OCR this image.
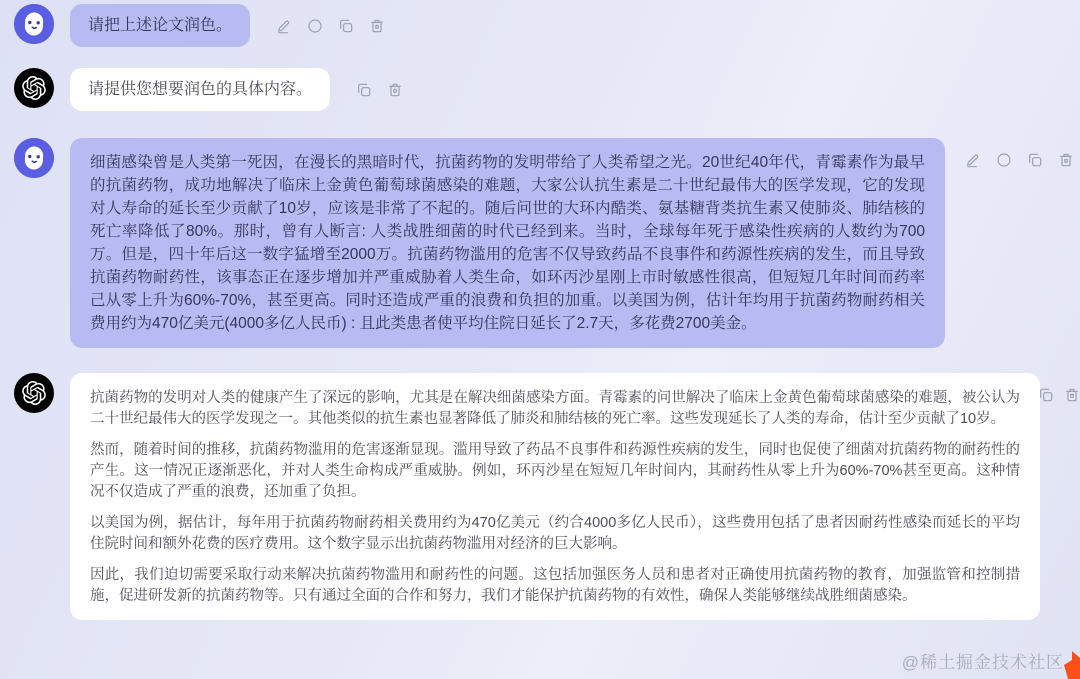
请把上述论文润色。
请提供您想要润色的具体内容。
细菌感染曾是人类第一死因，在漫长的黑暗时代，抗菌药物的发明带给了人类希望之光。20世纪40年代，青霉素作为最早的抗菌药物，成功地解决了临床上金黄色葡萄球菌感染的难题，大家公认抗生素是二十世纪最伟大的医学发现，它的发现对人寿命的延长至少贡献了10岁，应该是非常了不起的。随后问世的大环内酷类、氨基糖背类抗生素又使肺炎、肺结核的死亡率降低了80%。那时，曾有人断言: 人类战胜细菌的时代已经到来。当时，全球每年死于感染性疾病的人数约为700万。但是，四十年后这一数字猛增至2000万。抗菌药物滥用的危害不仅导致药品不良事件和药源性疾病的发生，而且导致抗菌药物耐药性，该事态正在逐步增加并严重威胁着人类生命，如环丙沙星刚上市时敏感性很高，但短短几年时间而药率己从零上升为60%-70%，甚至更高。同时还造成严重的浪费和负担的加重。以美国为例，估计年均用于抗菌药物耐药相关费用约为470亿美元(4000多亿人民币) : 且此类患者使平均住院日延长了2.7天，多花费2700美金。

抗菌药物的发明对人类的健康产生了深远的影响，尤其是在解决细菌感染方面。青霉素的问世解决了临床上金黄色葡萄球菌感染的难题，被公认为二十世纪最伟大的医学发现之一。其他类似的抗生素也显著降低了肺炎和肺结核的死亡率。这些发现延长了人类的寿命，估计至少贡献了10岁。

然而，随着时间的推移，抗菌药物滥用的危害逐渐显现。滥用导致了药品不良事件和药源性疾病的发生，同时也促使了细菌对抗菌药物的耐药性的产生。这一情况正逐渐恶化，并对人类生命构成严重威胁。例如，环丙沙星在短短几年时间内，其耐药性从零上升为60%-70%甚至更高。这种情况不仅造成了严重的浪费，还加重了负担。

以美国为例，据估计，每年用于抗菌药物耐药相关费用约为470亿美元（约合4000多亿人民币），这些费用包括了患者因耐药性感染而延长的平均住院时间和额外花费的医疗费用。这个数字显示出抗菌药物滥用对经济的巨大影响。

因此，我们迫切需要采取行动来解决抗菌药物滥用和耐药性的问题。这包括加强医务人员和患者对正确使用抗菌药物的教育，加强监管和控制措施，促进研发新的抗菌药物等。只有通过全面的合作和努力，我们才能保护抗菌药物的有效性，确保人类能够继续战胜细菌感染。

@稀土掘金技术社区
